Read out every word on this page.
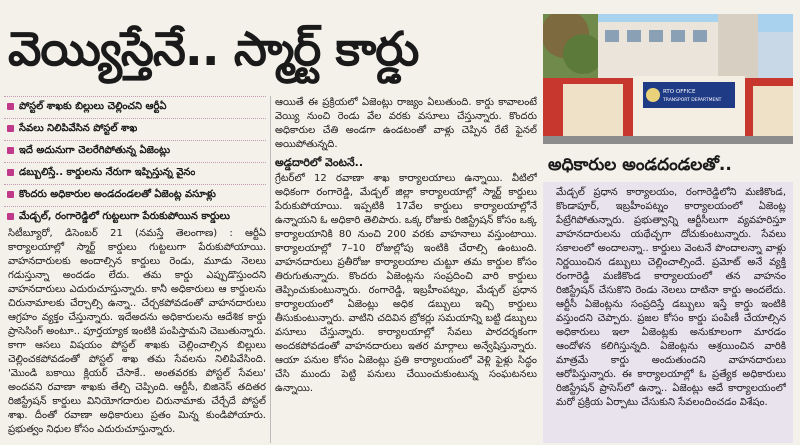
వెయ్యిస్తేనే.. స్మార్ట్ కార్డు
పోస్టల్ శాఖకు బిల్లులు చెల్లించని ఆర్టీఏ
సేవలు నిలిపివేసిన పోస్టల్ శాఖ
ఇదే అదునుగా చెలరేగిపోతున్న ఏజెంట్లు
డబ్బులిస్తే.. కార్డులను నేరుగా ఇప్పిస్తున్న వైనం
కొందరు అధికారుల అండదండలతో ఏజెంట్ల వసూళ్లు
మేడ్చల్, రంగారెడ్డిలో గుట్టలుగా పేరుకుపోయిన కార్డులు
సిటీబ్యూరో, డిసెంబర్ 21 (నమస్తే తెలంగాణ) : ఆర్టీఏ కార్యాలయాల్లో స్మార్ట్ కార్డులు గుట్టలుగా పేరుకుపోయాయి. వాహనదారులకు అందాల్సిన కార్డులు రెండు, మూడు నెలలు గడుస్తున్నా అందడం లేదు. తమ కార్డు ఎప్పుడొస్తుందని వాహనదారులు ఎదురుచూస్తున్నారు. కానీ అధికారులు ఆ కార్డులను చిరునామాలకు చేర్చాల్సి ఉన్నా.. చేర్చకపోవడంతో వాహనదారులు ఆగ్రహం వ్యక్తం చేస్తున్నారు. ఇదేఅదను అధికారులను ఆదేశిక కార్డు ప్రాసెసింగ్‌ అంటూ.. పూర్తయ్యాక ఇంటికి పంపిస్తామని చెబుతున్నారు. కాగా ఆసలు విషయం పోస్టల్‌ శాఖకు చెల్లించాల్సిన బిల్లులు చెల్లించకపోవడంతో పోస్టల్‌ శాఖ తమ సేవలను నిలిపివేసింది. 'మొండి బకాయి క్లియర్‌ చేసాకే.. అంతవరకు పోస్టల్‌ సేవలు' అందవని రవాణా శాఖకు తేల్చి చెప్పింది. ఆర్టీసీ, బిజినెస్ తదితర రిజిస్ట్రేషన్ కార్డులు వినియోగదారుల చిరునామాకు చేర్చేదే పోస్టల్ శాఖ. దీంతో రవాణా అధికారులు ప్రతం మిన్న కుండిపోయారు. ప్రభుత్వం నిధుల కోసం ఎదురుచూస్తున్నారు.
ఆయితే ఈ ప్రక్రియలో ఏజెంట్లు రాజ్యం ఏలుతుంది. కార్డు కావాలంటే వెయ్యి నుంచి రెండు వేల వరకు వసూలు చేస్తున్నారు. కొందరు అధికారుల చేతి అండగా ఉండటంతో వాళ్లు చెప్పిన రేటే ఫైనల్ అయిపోతున్నది.
అడ్డదారిలో వెంటనే..
గ్రేటర్‌లో 12 రవాణా శాఖ కార్యాలయాలు ఉన్నాయి. వీటిలో అధికంగా రంగారెడ్డి, మేడ్చల్ జిల్లా కార్యాలయాల్లో స్మార్ట్ కార్డులు పేరుకుపోయాయి. ఇప్పటికి 17వేల కార్డులు కార్యాలయాల్లోనే ఉన్నాయని ఓ అధికారి తెలిపారు. ఒక్క రోజుకు రిజిస్ట్రేషన్ కోసం ఒక్క కార్యాలయానికి 80 నుంచి 200 వరకు వాహనాలు వస్తుంటాయి. కార్యాలయాల్లో 7–10 రోజుల్లోపు ఇంటికి చేరాల్సి ఉంటుంది. వాహనదారులు ప్రతీరోజు కార్యాలయాల చుట్టూ తమ కార్డుల కోసం తిరుగుతున్నారు. కొందరు ఏజెంట్లను సంప్రదించి వారి కార్డులు తెప్పించుకుంటున్నారు. రంగారెడ్డి, ఇబ్రహీంపట్నం, మేడ్చల్ ప్రధాన కార్యాలయంలో ఏజెంట్లు అధిక డబ్బులు ఇచ్చి కార్డులు తీసుకుంటున్నారు. వాటిని చదివిన బ్రోకర్లు సమయాన్ని బట్టి డబ్బులు వసూలు చేస్తున్నారు. కార్యాలయాల్లో సేవలు పారదర్శకంగా అందకపోవడంతో వాహనదారులు ఇతర మార్గాలు అన్వేషిస్తున్నారు. ఆయా పనుల కోసం ఏజెంట్లు ప్రతి కార్యాలయంలో వెళ్లి ఫైళ్లు సిద్ధం చేసి ముందు పెట్టి పనులు చేయించుకుంటున్న సంఘటనలు ఉన్నాయి.
RTO OFFICE
TRANSPORT DEPARTMENT
అధికారుల అండదండలతో..
మేడ్చల్ ప్రధాన కార్యాలయం, రంగారెడ్డిలోని మణికొండ, కొండాపూర్, ఇబ్రహీంపట్నం కార్యాలయంలో ఏజెంట్ల పేట్రేగిపోతున్నారు. ప్రభుత్వాన్ని ఆర్టీసీలుగా వ్యవహరిస్తూ వాహనదారులను యథేచ్ఛగా దోచుకుంటున్నారు. సేవలు సకాలంలో అందాలన్నా.. కార్డులు వెంటనే పొందాలన్నా వాళ్లు నిర్ణయించిన డబ్బులు చెల్లించాల్సిందే. ప్రమోట్ అనే వ్యక్తి రంగారెడ్డి మణికొండ కార్యాలయంలో తన వాహనం రిజిస్ట్రేషన్ చేసుకొని రెండు నెలలు దాటినా కార్డు అందలేదు. ఆర్టీసీ ఏజెంట్లను సంప్రదిస్తే డబ్బులు ఇస్తే కార్డు ఇంటికి వస్తుందని చెప్పారు. ప్రజల కోసం కార్డు పంపిణీ చేయాల్సిన అధికారులు ఇలా ఏజెంట్లకు అనుకూలంగా మారడం ఆందోళన కలిగిస్తున్నది. ఏజెంట్లను ఆశ్రయించిన వారికి మాత్రమే కార్డు అందుతుందని వాహనదారులు ఆరోపిస్తున్నారు. ఈ కార్యాలయాల్లో ఓ ప్రత్యేక అధికారులు రిజిస్ట్రేషన్ ప్రాసెస్‌లో ఉన్నా.. ఏజెంట్లు ఆదే కార్యాలయంలో మరో ప్రక్రియ ఏర్పాటు చేసుకుని సేవలందించడం విశేషం.
